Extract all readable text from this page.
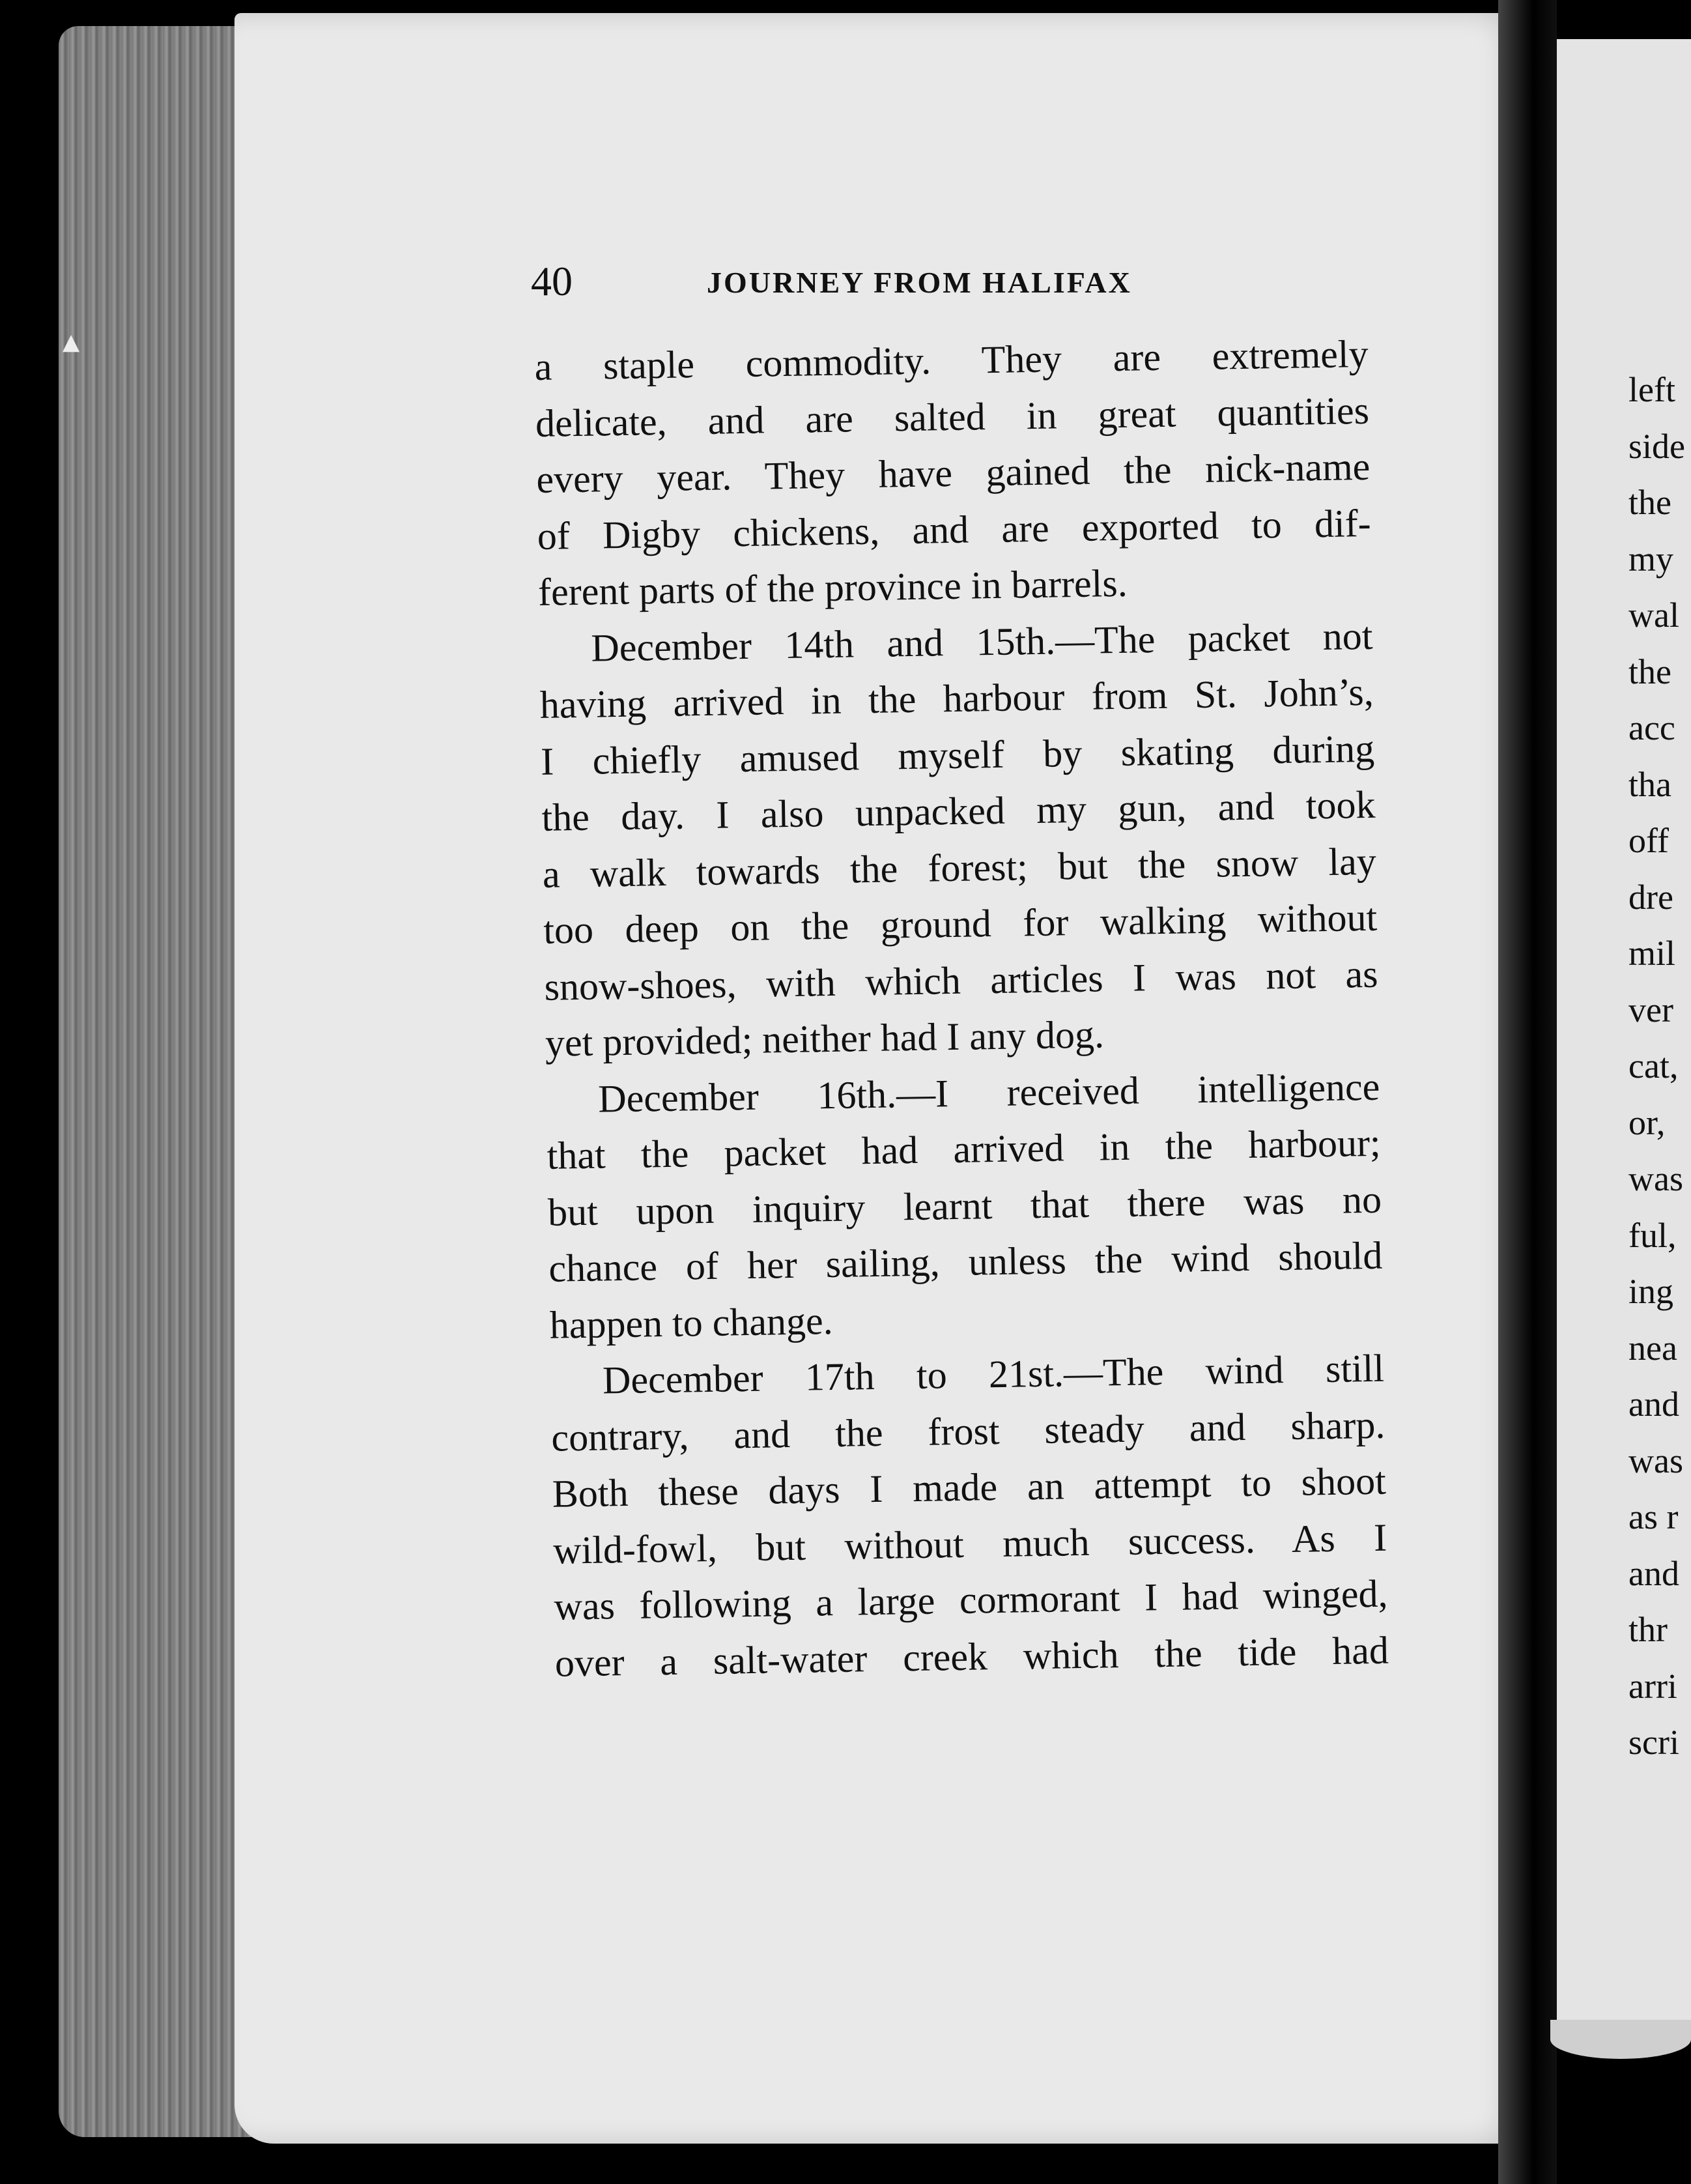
▲
40	JOURNEY FROM HALIFAX
a staple commodity. They are extremely
delicate, and are salted in great quantities
every year. They have gained the nick-name
of Digby chickens, and are exported to dif-
ferent parts of the province in barrels.
December 14th and 15th.—The packet not
having arrived in the harbour from St. John’s,
I chiefly amused myself by skating during
the day. I also unpacked my gun, and took
a walk towards the forest; but the snow lay
too deep on the ground for walking without
snow-shoes, with which articles I was not as
yet provided; neither had I any dog.
December 16th.—I received intelligence
that the packet had arrived in the harbour;
but upon inquiry learnt that there was no
chance of her sailing, unless the wind should
happen to change.
December 17th to 21st.—The wind still
contrary, and the frost steady and sharp.
Both these days I made an attempt to shoot
wild-fowl, but without much success. As I
was following a large cormorant I had winged,
over a salt-water creek which the tide had
left
side
the
my
wal
the
acc
tha
off
dre
mil
ver
cat,
or,
was
ful,
ing
nea
and
was
as r
and
thr
arri
scri
